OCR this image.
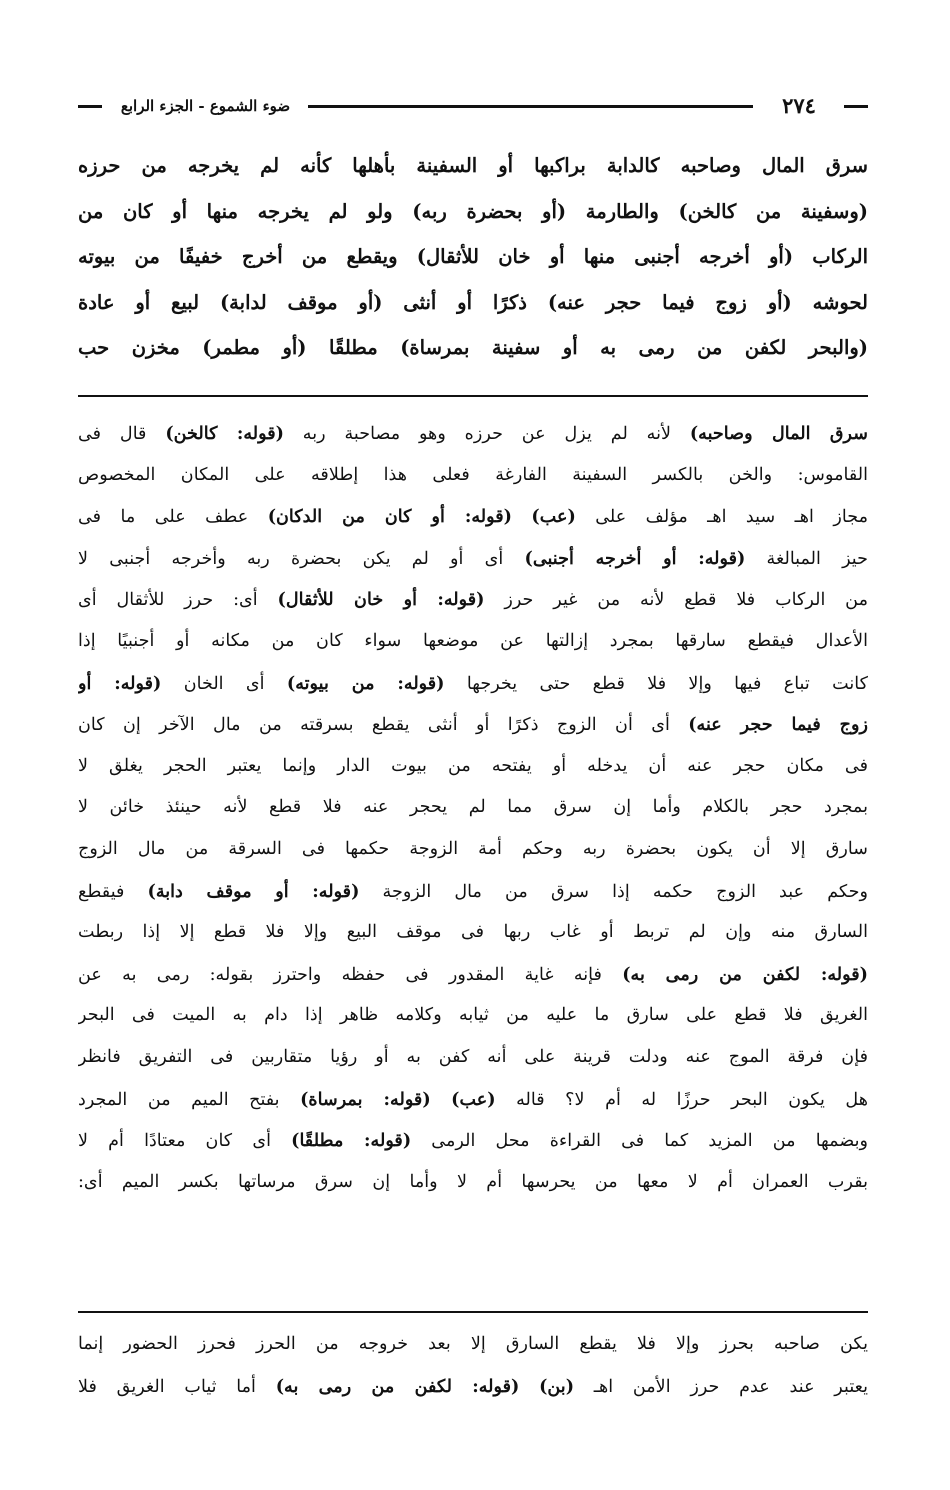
ضوء الشموع - الجزء الرابع	٢٧٤
سرق المال وصاحبه كالدابة براكبها أو السفينة بأهلها كأنه لم يخرجه من حرزه
(وسفينة من كالخن) والطارمة (أو بحضرة ربه) ولو لم يخرجه منها أو كان من
الركاب (أو أخرجه أجنبى منها أو خان للأثقال) ويقطع من أخرج خفيفًا من بيوته
لحوشه (أو زوج فيما حجر عنه) ذكرًا أو أنثى (أو موقف لدابة) لبيع أو عادة
(والبحر لكفن من رمى به أو سفينة بمرساة) مطلقًا (أو مطمر) مخزن حب
سرق المال وصاحبه) لأنه لم يزل عن حرزه وهو مصاحبة ربه (قوله: كالخن) قال فى
القاموس: والخن بالكسر السفينة الفارغة فعلى هذا إطلاقه على المكان المخصوص
مجاز اهـ سيد اهـ مؤلف على (عب) (قوله: أو كان من الدكان) عطف على ما فى
حيز المبالغة (قوله: أو أخرجه أجنبى) أى أو لم يكن بحضرة ربه وأخرجه أجنبى لا
من الركاب فلا قطع لأنه من غير حرز (قوله: أو خان للأثقال) أى: حرز للأثقال أى
الأعدال فيقطع سارقها بمجرد إزالتها عن موضعها سواء كان من مكانه أو أجنبيًا إذا
كانت تباع فيها وإلا فلا قطع حتى يخرجها (قوله: من بيوته) أى الخان (قوله: أو
زوج فيما حجر عنه) أى أن الزوج ذكرًا أو أنثى يقطع بسرقته من مال الآخر إن كان
فى مكان حجر عنه أن يدخله أو يفتحه من بيوت الدار وإنما يعتبر الحجر يغلق لا
بمجرد حجر بالكلام وأما إن سرق مما لم يحجر عنه فلا قطع لأنه حينئذ خائن لا
سارق إلا أن يكون بحضرة ربه وحكم أمة الزوجة حكمها فى السرقة من مال الزوج
وحكم عبد الزوج حكمه إذا سرق من مال الزوجة (قوله: أو موقف دابة) فيقطع
السارق منه وإن لم تربط أو غاب ربها فى موقف البيع وإلا فلا قطع إلا إذا ربطت
(قوله: لكفن من رمى به) فإنه غاية المقدور فى حفظه واحترز بقوله: رمى به عن
الغريق فلا قطع على سارق ما عليه من ثيابه وكلامه ظاهر إذا دام به الميت فى البحر
فإن فرقة الموج عنه ودلت قرينة على أنه كفن به أو رؤيا متقاربين فى التفريق فانظر
هل يكون البحر حرزًا له أم لا؟ قاله (عب) (قوله: بمرساة) بفتح الميم من المجرد
وبضمها من المزيد كما فى القراءة محل الرمى (قوله: مطلقًا) أى كان معتادًا أم لا
بقرب العمران أم لا معها من يحرسها أم لا وأما إن سرق مرساتها بكسر الميم أى:
يكن صاحبه بحرز وإلا فلا يقطع السارق إلا بعد خروجه من الحرز فحرز الحضور إنما
يعتبر عند عدم حرز الأمن اهـ (بن) (قوله: لكفن من رمى به) أما ثياب الغريق فلا
